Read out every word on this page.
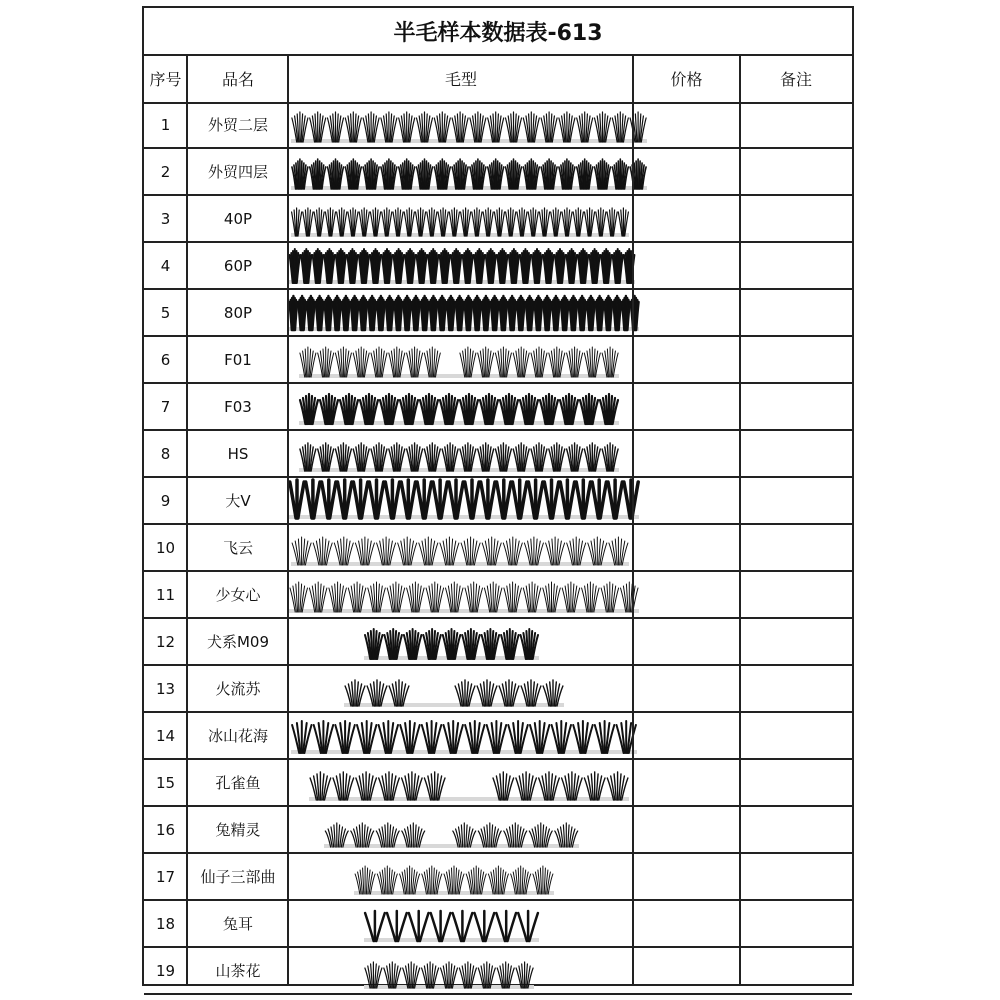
半毛样本数据表-613
序号	品名	毛型	价格	备注
1	外贸二层
2	外贸四层
3	40P
4	60P
5	80P
6	F01
7	F03
8	HS
9	大V
10	飞云
11	少女心
12	犬系M09
13	火流苏
14	冰山花海
15	孔雀鱼
16	兔精灵
17	仙子三部曲
18	兔耳
19	山茶花
